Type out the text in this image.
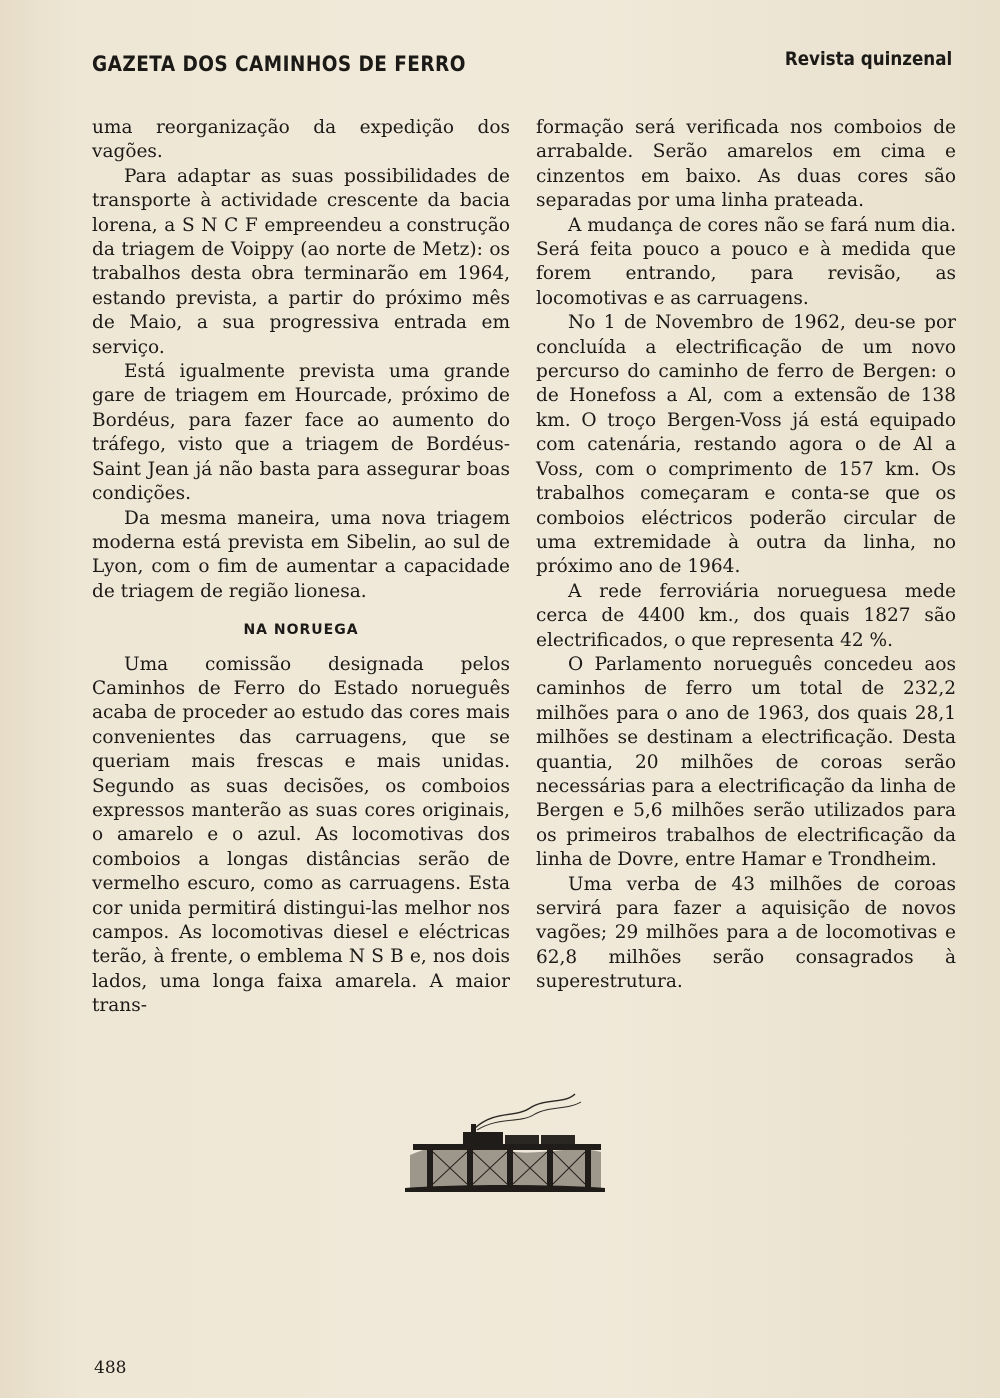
GAZETA DOS CAMINHOS DE FERRO	Revista quinzenal

uma reorganização da expedição dos vagões.

Para adaptar as suas possibilidades de transporte à actividade crescente da bacia lorena, a S N C F empreendeu a construção da triagem de Voippy (ao norte de Metz): os trabalhos desta obra terminarão em 1964, estando prevista, a partir do próximo mês de Maio, a sua progressiva entrada em serviço.

Está igualmente prevista uma grande gare de triagem em Hourcade, próximo de Bordéus, para fazer face ao aumento do tráfego, visto que a triagem de Bordéus-Saint Jean já não basta para assegurar boas condições.

Da mesma maneira, uma nova triagem moderna está prevista em Sibelin, ao sul de Lyon, com o fim de aumentar a capacidade de triagem de região lionesa.

NA NORUEGA

Uma comissão designada pelos Caminhos de Ferro do Estado norueguês acaba de proceder ao estudo das cores mais convenientes das carruagens, que se queriam mais frescas e mais unidas. Segundo as suas decisões, os comboios expressos manterão as suas cores originais, o amarelo e o azul. As locomotivas dos comboios a longas distâncias serão de vermelho escuro, como as carruagens. Esta cor unida permitirá distingui-las melhor nos campos. As locomotivas diesel e eléctricas terão, à frente, o emblema N S B e, nos dois lados, uma longa faixa amarela. A maior trans-

formação será verificada nos comboios de arrabalde. Serão amarelos em cima e cinzentos em baixo. As duas cores são separadas por uma linha prateada.

A mudança de cores não se fará num dia. Será feita pouco a pouco e à medida que forem entrando, para revisão, as locomotivas e as carruagens.

No 1 de Novembro de 1962, deu-se por concluída a electrificação de um novo percurso do caminho de ferro de Bergen: o de Honefoss a Al, com a extensão de 138 km. O troço Bergen-Voss já está equipado com catenária, restando agora o de Al a Voss, com o comprimento de 157 km. Os trabalhos começaram e conta-se que os comboios eléctricos poderão circular de uma extremidade à outra da linha, no próximo ano de 1964.

A rede ferroviária norueguesa mede cerca de 4400 km., dos quais 1827 são electrificados, o que representa 42 %.

O Parlamento norueguês concedeu aos caminhos de ferro um total de 232,2 milhões para o ano de 1963, dos quais 28,1 milhões se destinam a electrificação. Desta quantia, 20 milhões de coroas serão necessárias para a electrificação da linha de Bergen e 5,6 milhões serão utilizados para os primeiros trabalhos de electrificação da linha de Dovre, entre Hamar e Trondheim.

Uma verba de 43 milhões de coroas servirá para fazer a aquisição de novos vagões; 29 milhões para a de locomotivas e 62,8 milhões serão consagrados à superestrutura.

488
